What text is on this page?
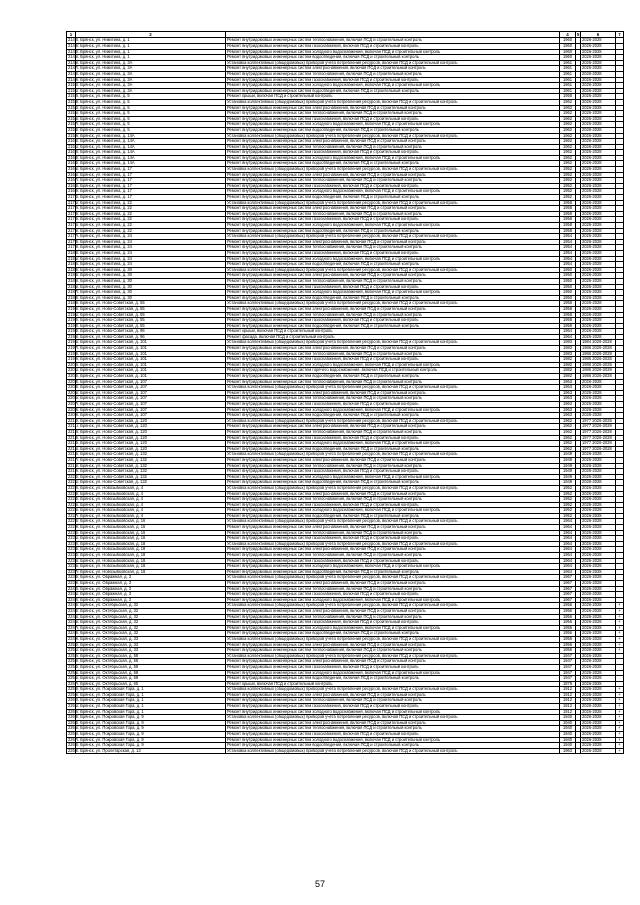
1	2		4	5	6	7
2142	г. Брянск, ул. Никитина, д. 1	Ремонт внутридомовых инженерных систем теплоснабжения, включая ПСД и строительный контроль	1960		2026-2028	
2143	г. Брянск, ул. Никитина, д. 1	Ремонт внутридомовых инженерных систем газоснабжения, включая ПСД и строительный контроль	1960		2026-2028	
2144	г. Брянск, ул. Никитина, д. 1	Ремонт внутридомовых инженерных систем холодного водоснабжения, включая ПСД и строительный контроль	1960		2026-2028	
2145	г. Брянск, ул. Никитина, д. 1	Ремонт внутридомовых инженерных систем водоотведения, включая ПСД и строительный контроль	1960		2026-2028	
2146	г. Брянск, ул. Никитина, д. 3А	Установка коллективных (общедомовых) приборов учета потребления ресурсов, включая ПСД и строительный контроль	1961		2026-2028	
2147	г. Брянск, ул. Никитина, д. 3А	Ремонт внутридомовых инженерных систем электроснабжения, включая ПСД и строительный контроль	1961		2026-2028	
2148	г. Брянск, ул. Никитина, д. 3А	Ремонт внутридомовых инженерных систем теплоснабжения, включая ПСД и строительный контроль	1961		2026-2028	
2149	г. Брянск, ул. Никитина, д. 3А	Ремонт внутридомовых инженерных систем газоснабжения, включая ПСД и строительный контроль	1961		2026-2028	
2150	г. Брянск, ул. Никитина, д. 3А	Ремонт внутридомовых инженерных систем холодного водоснабжения, включая ПСД и строительный контроль	1961		2026-2028	
2151	г. Брянск, ул. Никитина, д. 3А	Ремонт внутридомовых инженерных систем водоотведения, включая ПСД и строительный контроль	1961		2026-2028	
2152	г. Брянск, ул. Никитина, д. 5	Ремонт крыши, включая ПСД и строительный контроль	1958		2026-2028	
2153	г. Брянск, ул. Никитина, д. 5	Установка коллективных (общедомовых) приборов учета потребления ресурсов, включая ПСД и строительный контроль	1962		2026-2028	
2154	г. Брянск, ул. Никитина, д. 5	Ремонт внутридомовых инженерных систем электроснабжения, включая ПСД и строительный контроль	1962		2026-2028	
2155	г. Брянск, ул. Никитина, д. 5	Ремонт внутридомовых инженерных систем теплоснабжения, включая ПСД и строительный контроль	1962		2026-2028	
2156	г. Брянск, ул. Никитина, д. 5	Ремонт внутридомовых инженерных систем газоснабжения, включая ПСД и строительный контроль	1962		2026-2028	
2157	г. Брянск, ул. Никитина, д. 5	Ремонт внутридомовых инженерных систем холодного водоснабжения, включая ПСД и строительный контроль	1962		2026-2028	
2158	г. Брянск, ул. Никитина, д. 5	Ремонт внутридомовых инженерных систем водоотведения, включая ПСД и строительный контроль	1962		2026-2028	
2159	г. Брянск, ул. Никитина, д. 14А	Установка коллективных (общедомовых) приборов учета потребления ресурсов, включая ПСД и строительный контроль	1962		2026-2028	
2160	г. Брянск, ул. Никитина, д. 14А	Ремонт внутридомовых инженерных систем электроснабжения, включая ПСД и строительный контроль	1962		2026-2028	
2161	г. Брянск, ул. Никитина, д. 14А	Ремонт внутридомовых инженерных систем теплоснабжения, включая ПСД и строительный контроль	1962		2026-2028	
2162	г. Брянск, ул. Никитина, д. 14А	Ремонт внутридомовых инженерных систем газоснабжения, включая ПСД и строительный контроль	1962		2026-2028	
2163	г. Брянск, ул. Никитина, д. 14А	Ремонт внутридомовых инженерных систем холодного водоснабжения, включая ПСД и строительный контроль	1962		2026-2028	
2164	г. Брянск, ул. Никитина, д. 14А	Ремонт внутридомовых инженерных систем водоотведения, включая ПСД и строительный контроль	1962		2026-2028	
2165	г. Брянск, ул. Никитина, д. 17	Установка коллективных (общедомовых) приборов учета потребления ресурсов, включая ПСД и строительный контроль	1952		2026-2028	
2166	г. Брянск, ул. Никитина, д. 17	Ремонт внутридомовых инженерных систем электроснабжения, включая ПСД и строительный контроль	1952		2026-2028	
2167	г. Брянск, ул. Никитина, д. 17	Ремонт внутридомовых инженерных систем теплоснабжения, включая ПСД и строительный контроль	1952		2026-2028	
2168	г. Брянск, ул. Никитина, д. 17	Ремонт внутридомовых инженерных систем газоснабжения, включая ПСД и строительный контроль	1952		2026-2028	
2169	г. Брянск, ул. Никитина, д. 17	Ремонт внутридомовых инженерных систем холодного водоснабжения, включая ПСД и строительный контроль	1952		2026-2028	
2170	г. Брянск, ул. Никитина, д. 17	Ремонт внутридомовых инженерных систем водоотведения, включая ПСД и строительный контроль	1952		2026-2028	
2171	г. Брянск, ул. Никитина, д. 22	Установка коллективных (общедомовых) приборов учета потребления ресурсов, включая ПСД и строительный контроль	1958		2026-2028	
2172	г. Брянск, ул. Никитина, д. 22	Ремонт внутридомовых инженерных систем электроснабжения, включая ПСД и строительный контроль	1958		2026-2028	
2173	г. Брянск, ул. Никитина, д. 22	Ремонт внутридомовых инженерных систем теплоснабжения, включая ПСД и строительный контроль	1958		2026-2028	
2174	г. Брянск, ул. Никитина, д. 22	Ремонт внутридомовых инженерных систем газоснабжения, включая ПСД и строительный контроль	1958		2026-2028	
2175	г. Брянск, ул. Никитина, д. 22	Ремонт внутридомовых инженерных систем холодного водоснабжения, включая ПСД и строительный контроль	1958		2026-2028	
2176	г. Брянск, ул. Никитина, д. 22	Ремонт внутридомовых инженерных систем водоотведения, включая ПСД и строительный контроль	1958		2026-2028	
2177	г. Брянск, ул. Никитина, д. 24	Установка коллективных (общедомовых) приборов учета потребления ресурсов, включая ПСД и строительный контроль	1954		2026-2028	
2178	г. Брянск, ул. Никитина, д. 24	Ремонт внутридомовых инженерных систем электроснабжения, включая ПСД и строительный контроль	1954		2026-2028	
2179	г. Брянск, ул. Никитина, д. 24	Ремонт внутридомовых инженерных систем теплоснабжения, включая ПСД и строительный контроль	1954		2026-2028	
2180	г. Брянск, ул. Никитина, д. 24	Ремонт внутридомовых инженерных систем газоснабжения, включая ПСД и строительный контроль	1954		2026-2028	
2181	г. Брянск, ул. Никитина, д. 24	Ремонт внутридомовых инженерных систем холодного водоснабжения, включая ПСД и строительный контроль	1954		2026-2028	
2182	г. Брянск, ул. Никитина, д. 24	Ремонт внутридомовых инженерных систем водоотведения, включая ПСД и строительный контроль	1954		2026-2028	
2183	г. Брянск, ул. Никитина, д. 30	Установка коллективных (общедомовых) приборов учета потребления ресурсов, включая ПСД и строительный контроль	1950		2026-2028	
2184	г. Брянск, ул. Никитина, д. 30	Ремонт внутридомовых инженерных систем электроснабжения, включая ПСД и строительный контроль	1950		2026-2028	
2185	г. Брянск, ул. Никитина, д. 30	Ремонт внутридомовых инженерных систем теплоснабжения, включая ПСД и строительный контроль	1950		2026-2028	
2186	г. Брянск, ул. Никитина, д. 30	Ремонт внутридомовых инженерных систем газоснабжения, включая ПСД и строительный контроль	1950		2026-2028	
2187	г. Брянск, ул. Никитина, д. 30	Ремонт внутридомовых инженерных систем холодного водоснабжения, включая ПСД и строительный контроль	1950		2026-2028	
2188	г. Брянск, ул. Никитина, д. 30	Ремонт внутридомовых инженерных систем водоотведения, включая ПСД и строительный контроль	1950		2026-2028	
2189	г. Брянск, ул. Ново-Советская, д. 55	Установка коллективных (общедомовых) приборов учета потребления ресурсов, включая ПСД и строительный контроль	1958		2026-2028	
2190	г. Брянск, ул. Ново-Советская, д. 55	Ремонт внутридомовых инженерных систем электроснабжения, включая ПСД и строительный контроль	1958		2026-2028	
2191	г. Брянск, ул. Ново-Советская, д. 55	Ремонт внутридомовых инженерных систем теплоснабжения, включая ПСД и строительный контроль	1958		2026-2028	
2192	г. Брянск, ул. Ново-Советская, д. 55	Ремонт внутридомовых инженерных систем газоснабжения, включая ПСД и строительный контроль	1958		2026-2028	
2193	г. Брянск, ул. Ново-Советская, д. 55	Ремонт внутридомовых инженерных систем водоотведения, включая ПСД и строительный контроль	1958		2026-2028	
2194	г. Брянск, ул. Ново-Советская, д. 96	Ремонт крыши, включая ПСД и строительный контроль	1964		2026-2028	
2195	г. Брянск, ул. Ново-Советская, д. 96	Ремонт фасада, включая ПСД и строительный контроль	1964		2026-2028	
2196	г. Брянск, ул. Ново-Советская, д. 101	Установка коллективных (общедомовых) приборов учета потребления ресурсов, включая ПСД и строительный контроль	1983		1984 2026-2028	
2197	г. Брянск, ул. Ново-Советская, д. 101	Ремонт внутридомовых инженерных систем электроснабжения, включая ПСД и строительный контроль	1983		1986 2026-2028	
2198	г. Брянск, ул. Ново-Советская, д. 101	Ремонт внутридомовых инженерных систем теплоснабжения, включая ПСД и строительный контроль	1983		1986 2026-2028	
2199	г. Брянск, ул. Ново-Советская, д. 101	Ремонт внутридомовых инженерных систем газоснабжения, включая ПСД и строительный контроль	1982		1986 2026-2028	
2200	г. Брянск, ул. Ново-Советская, д. 101	Ремонт внутридомовых инженерных систем холодного водоснабжения, включая ПСД и строительный контроль	1982		1986 2026-2028	
2201	г. Брянск, ул. Ново-Советская, д. 101	Ремонт внутридомовых инженерных систем горячего водоснабжения, включая ПСД и строительный контроль	1982		1986 2026-2028	
2202	г. Брянск, ул. Ново-Советская, д. 101	Ремонт внутридомовых инженерных систем водоотведения, включая ПСД и строительный контроль	1982		1986 2026-2028	
2203	г. Брянск, ул. Ново-Советская, д. 107	Ремонт внутридомовых инженерных систем теплоснабжения, включая ПСД и строительный контроль	1963		2026-2028	
2204	г. Брянск, ул. Ново-Советская, д. 107	Установка коллективных (общедомовых) приборов учета потребления ресурсов, включая ПСД и строительный контроль	1963		2026-2028	
2205	г. Брянск, ул. Ново-Советская, д. 107	Ремонт внутридомовых инженерных систем электроснабжения, включая ПСД и строительный контроль	1963		2026-2028	
2206	г. Брянск, ул. Ново-Советская, д. 107	Ремонт внутридомовых инженерных систем теплоснабжения, включая ПСД и строительный контроль	1963		2026-2028	
2207	г. Брянск, ул. Ново-Советская, д. 107	Ремонт внутридомовых инженерных систем газоснабжения, включая ПСД и строительный контроль	1963		2026-2028	
2208	г. Брянск, ул. Ново-Советская, д. 107	Ремонт внутридомовых инженерных систем холодного водоснабжения, включая ПСД и строительный контроль	1963		2026-2028	
2209	г. Брянск, ул. Ново-Советская, д. 107	Ремонт внутридомовых инженерных систем водоотведения, включая ПСД и строительный контроль	1963		2026-2028	
2210	г. Брянск, ул. Ново-Советская, д. 120	Установка коллективных (общедомовых) приборов учета потребления ресурсов, включая ПСД и строительный контроль	1962		1977 2026-2028	
2211	г. Брянск, ул. Ново-Советская, д. 120	Ремонт внутридомовых инженерных систем электроснабжения, включая ПСД и строительный контроль	1962		1977 2026-2028	
2212	г. Брянск, ул. Ново-Советская, д. 120	Ремонт внутридомовых инженерных систем теплоснабжения, включая ПСД и строительный контроль	1962		1977 2026-2028	
2213	г. Брянск, ул. Ново-Советская, д. 120	Ремонт внутридомовых инженерных систем газоснабжения, включая ПСД и строительный контроль	1962		1977 2026-2028	
2214	г. Брянск, ул. Ново-Советская, д. 120	Ремонт внутридомовых инженерных систем холодного водоснабжения, включая ПСД и строительный контроль	1962		1977 2026-2028	
2215	г. Брянск, ул. Ново-Советская, д. 120	Ремонт внутридомовых инженерных систем водоотведения, включая ПСД и строительный контроль	1962		1977 2026-2028	
2216	г. Брянск, ул. Ново-Советская, д. 132	Установка коллективных (общедомовых) приборов учета потребления ресурсов, включая ПСД и строительный контроль	1949		2026-2028	
2217	г. Брянск, ул. Ново-Советская, д. 132	Ремонт внутридомовых инженерных систем электроснабжения, включая ПСД и строительный контроль	1949		2026-2028	
2218	г. Брянск, ул. Ново-Советская, д. 132	Ремонт внутридомовых инженерных систем теплоснабжения, включая ПСД и строительный контроль	1949		2026-2028	
2219	г. Брянск, ул. Ново-Советская, д. 132	Ремонт внутридомовых инженерных систем газоснабжения, включая ПСД и строительный контроль	1949		2026-2028	
2220	г. Брянск, ул. Ново-Советская, д. 132	Ремонт внутридомовых инженерных систем холодного водоснабжения, включая ПСД и строительный контроль	1949		2026-2028	
2221	г. Брянск, ул. Ново-Советская, д. 132	Ремонт внутридомовых инженерных систем водоотведения, включая ПСД и строительный контроль	1949		2026-2028	
2222	г. Брянск, ул. Новозыбковская, д. 4	Установка коллективных (общедомовых) приборов учета потребления ресурсов, включая ПСД и строительный контроль	1952		2026-2028	
2223	г. Брянск, ул. Новозыбковская, д. 4	Ремонт внутридомовых инженерных систем электроснабжения, включая ПСД и строительный контроль	1952		2026-2028	
2224	г. Брянск, ул. Новозыбковская, д. 4	Ремонт внутридомовых инженерных систем теплоснабжения, включая ПСД и строительный контроль	1952		2026-2028	
2225	г. Брянск, ул. Новозыбковская, д. 4	Ремонт внутридомовых инженерных систем газоснабжения, включая ПСД и строительный контроль	1952		2026-2028	
2226	г. Брянск, ул. Новозыбковская, д. 4	Ремонт внутридомовых инженерных систем холодного водоснабжения, включая ПСД и строительный контроль	1952		2026-2028	
2227	г. Брянск, ул. Новозыбковская, д. 4	Ремонт внутридомовых инженерных систем водоотведения, включая ПСД и строительный контроль	1952		2026-2028	
2228	г. Брянск, ул. Новозыбковская, д. 16	Установка коллективных (общедомовых) приборов учета потребления ресурсов, включая ПСД и строительный контроль	1964		2026-2028	
2229	г. Брянск, ул. Новозыбковская, д. 16	Ремонт внутридомовых инженерных систем электроснабжения, включая ПСД и строительный контроль	1964		2026-2028	
2230	г. Брянск, ул. Новозыбковская, д. 16	Ремонт внутридомовых инженерных систем теплоснабжения, включая ПСД и строительный контроль	1964		2026-2028	
2231	г. Брянск, ул. Новозыбковская, д. 16	Ремонт внутридомовых инженерных систем газоснабжения, включая ПСД и строительный контроль	1964		2026-2028	
2232	г. Брянск, ул. Новозыбковская, д. 18	Установка коллективных (общедомовых) приборов учета потребления ресурсов, включая ПСД и строительный контроль	1964		2026-2028	
2233	г. Брянск, ул. Новозыбковская, д. 18	Ремонт внутридомовых инженерных систем электроснабжения, включая ПСД и строительный контроль	1964		2026-2028	
2234	г. Брянск, ул. Новозыбковская, д. 18	Ремонт внутридомовых инженерных систем теплоснабжения, включая ПСД и строительный контроль	1964		2026-2028	
2235	г. Брянск, ул. Новозыбковская, д. 18	Ремонт внутридомовых инженерных систем газоснабжения, включая ПСД и строительный контроль	1964		2026-2028	
2236	г. Брянск, ул. Новозыбковская, д. 18	Ремонт внутридомовых инженерных систем холодного водоснабжения, включая ПСД и строительный контроль	1964		2026-2028	
2237	г. Брянск, ул. Новозыбковская, д. 18	Ремонт внутридомовых инженерных систем водоотведения, включая ПСД и строительный контроль	1964		2026-2028	
2238	г. Брянск, ул. Овражная, д. 3	Установка коллективных (общедомовых) приборов учета потребления ресурсов, включая ПСД и строительный контроль	1967		2026-2028	
2239	г. Брянск, ул. Овражная, д. 3	Ремонт внутридомовых инженерных систем электроснабжения, включая ПСД и строительный контроль	1967		2026-2028	
2240	г. Брянск, ул. Овражная, д. 3	Ремонт внутридомовых инженерных систем теплоснабжения, включая ПСД и строительный контроль	1967		2026-2028	
2241	г. Брянск, ул. Овражная, д. 3	Ремонт внутридомовых инженерных систем газоснабжения, включая ПСД и строительный контроль	1967		2026-2028	
2242	г. Брянск, ул. Овражная, д. 3	Ремонт внутридомовых инженерных систем холодного водоснабжения, включая ПСД и строительный контроль	1967		2026-2028	
2243	г. Брянск, ул. Октябрьская, д. 32	Установка коллективных (общедомовых) приборов учета потребления ресурсов, включая ПСД и строительный контроль	1956		2026-2028	+
2244	г. Брянск, ул. Октябрьская, д. 32	Ремонт внутридомовых инженерных систем электроснабжения, включая ПСД и строительный контроль	1956		2026-2028	+
2245	г. Брянск, ул. Октябрьская, д. 32	Ремонт внутридомовых инженерных систем теплоснабжения, включая ПСД и строительный контроль	1956		2026-2028	+
2246	г. Брянск, ул. Октябрьская, д. 32	Ремонт внутридомовых инженерных систем газоснабжения, включая ПСД и строительный контроль	1956		2026-2028	+
2247	г. Брянск, ул. Октябрьская, д. 32	Ремонт внутридомовых инженерных систем холодного водоснабжения, включая ПСД и строительный контроль	1956		2026-2028	+
2248	г. Брянск, ул. Октябрьская, д. 32	Ремонт внутридомовых инженерных систем водоотведения, включая ПСД и строительный контроль	1956		2026-2028	+
2249	г. Брянск, ул. Октябрьская, д. 33	Установка коллективных (общедомовых) приборов учета потребления ресурсов, включая ПСД и строительный контроль	1956		2026-2028	+
2250	г. Брянск, ул. Октябрьская, д. 33	Ремонт внутридомовых инженерных систем электроснабжения, включая ПСД и строительный контроль	1956		2026-2028	+
2251	г. Брянск, ул. Октябрьская, д. 33	Ремонт внутридомовых инженерных систем теплоснабжения, включая ПСД и строительный контроль	1956		2026-2028	+
2252	г. Брянск, ул. Октябрьская, д. 58	Установка коллективных (общедомовых) приборов учета потребления ресурсов, включая ПСД и строительный контроль	1947		2026-2028	
2253	г. Брянск, ул. Октябрьская, д. 58	Ремонт внутридомовых инженерных систем электроснабжения, включая ПСД и строительный контроль	1947		2026-2028	
2254	г. Брянск, ул. Октябрьская, д. 58	Ремонт внутридомовых инженерных систем газоснабжения, включая ПСД и строительный контроль	1947		2026-2028	
2255	г. Брянск, ул. Октябрьская, д. 58	Ремонт внутридомовых инженерных систем холодного водоснабжения, включая ПСД и строительный контроль	1947		2026-2028	
2256	г. Брянск, ул. Октябрьская, д. 58	Ремонт внутридомовых инженерных систем водоотведения, включая ПСД и строительный контроль	1947		2026-2028	
2257	г. Брянск, ул. Октябрьская, д. 65	Ремонт крыши, включая ПСД и строительный контроль	1879		2026-2028	
2258	г. Брянск, ул. Покровская Гора, д. 1	Установка коллективных (общедомовых) приборов учета потребления ресурсов, включая ПСД и строительный контроль	1912		2026-2028	+
2259	г. Брянск, ул. Покровская Гора, д. 1	Ремонт внутридомовых инженерных систем электроснабжения, включая ПСД и строительный контроль	1912		2026-2028	+
2260	г. Брянск, ул. Покровская Гора, д. 1	Ремонт внутридомовых инженерных систем теплоснабжения, включая ПСД и строительный контроль	1912		2026-2028	+
2261	г. Брянск, ул. Покровская Гора, д. 1	Ремонт внутридомовых инженерных систем газоснабжения, включая ПСД и строительный контроль	1912		2026-2028	+
2262	г. Брянск, ул. Покровская Гора, д. 1	Ремонт внутридомовых инженерных систем холодного водоснабжения, включая ПСД и строительный контроль	1912		2026-2028	+
2263	г. Брянск, ул. Покровская Гора, д. 9	Установка коллективных (общедомовых) приборов учета потребления ресурсов, включая ПСД и строительный контроль	1940		2026-2028	+
2264	г. Брянск, ул. Покровская Гора, д. 9	Ремонт внутридомовых инженерных систем электроснабжения, включая ПСД и строительный контроль	1940		2026-2028	+
2265	г. Брянск, ул. Покровская Гора, д. 9	Ремонт внутридомовых инженерных систем теплоснабжения, включая ПСД и строительный контроль	1940		2026-2028	+
2266	г. Брянск, ул. Покровская Гора, д. 9	Ремонт внутридомовых инженерных систем газоснабжения, включая ПСД и строительный контроль	1940		2026-2028	+
2267	г. Брянск, ул. Покровская Гора, д. 9	Ремонт внутридомовых инженерных систем холодного водоснабжения, включая ПСД и строительный контроль	1940		2026-2028	+
2268	г. Брянск, ул. Покровская Гора, д. 9	Ремонт внутридомовых инженерных систем водоотведения, включая ПСД и строительный контроль	1940		2026-2028	+
2269	г. Брянск, ул. Пролетарская, д. 13	Установка коллективных (общедомовых) приборов учета потребления ресурсов, включая ПСД и строительный контроль	1963		2026-2028	+
57
